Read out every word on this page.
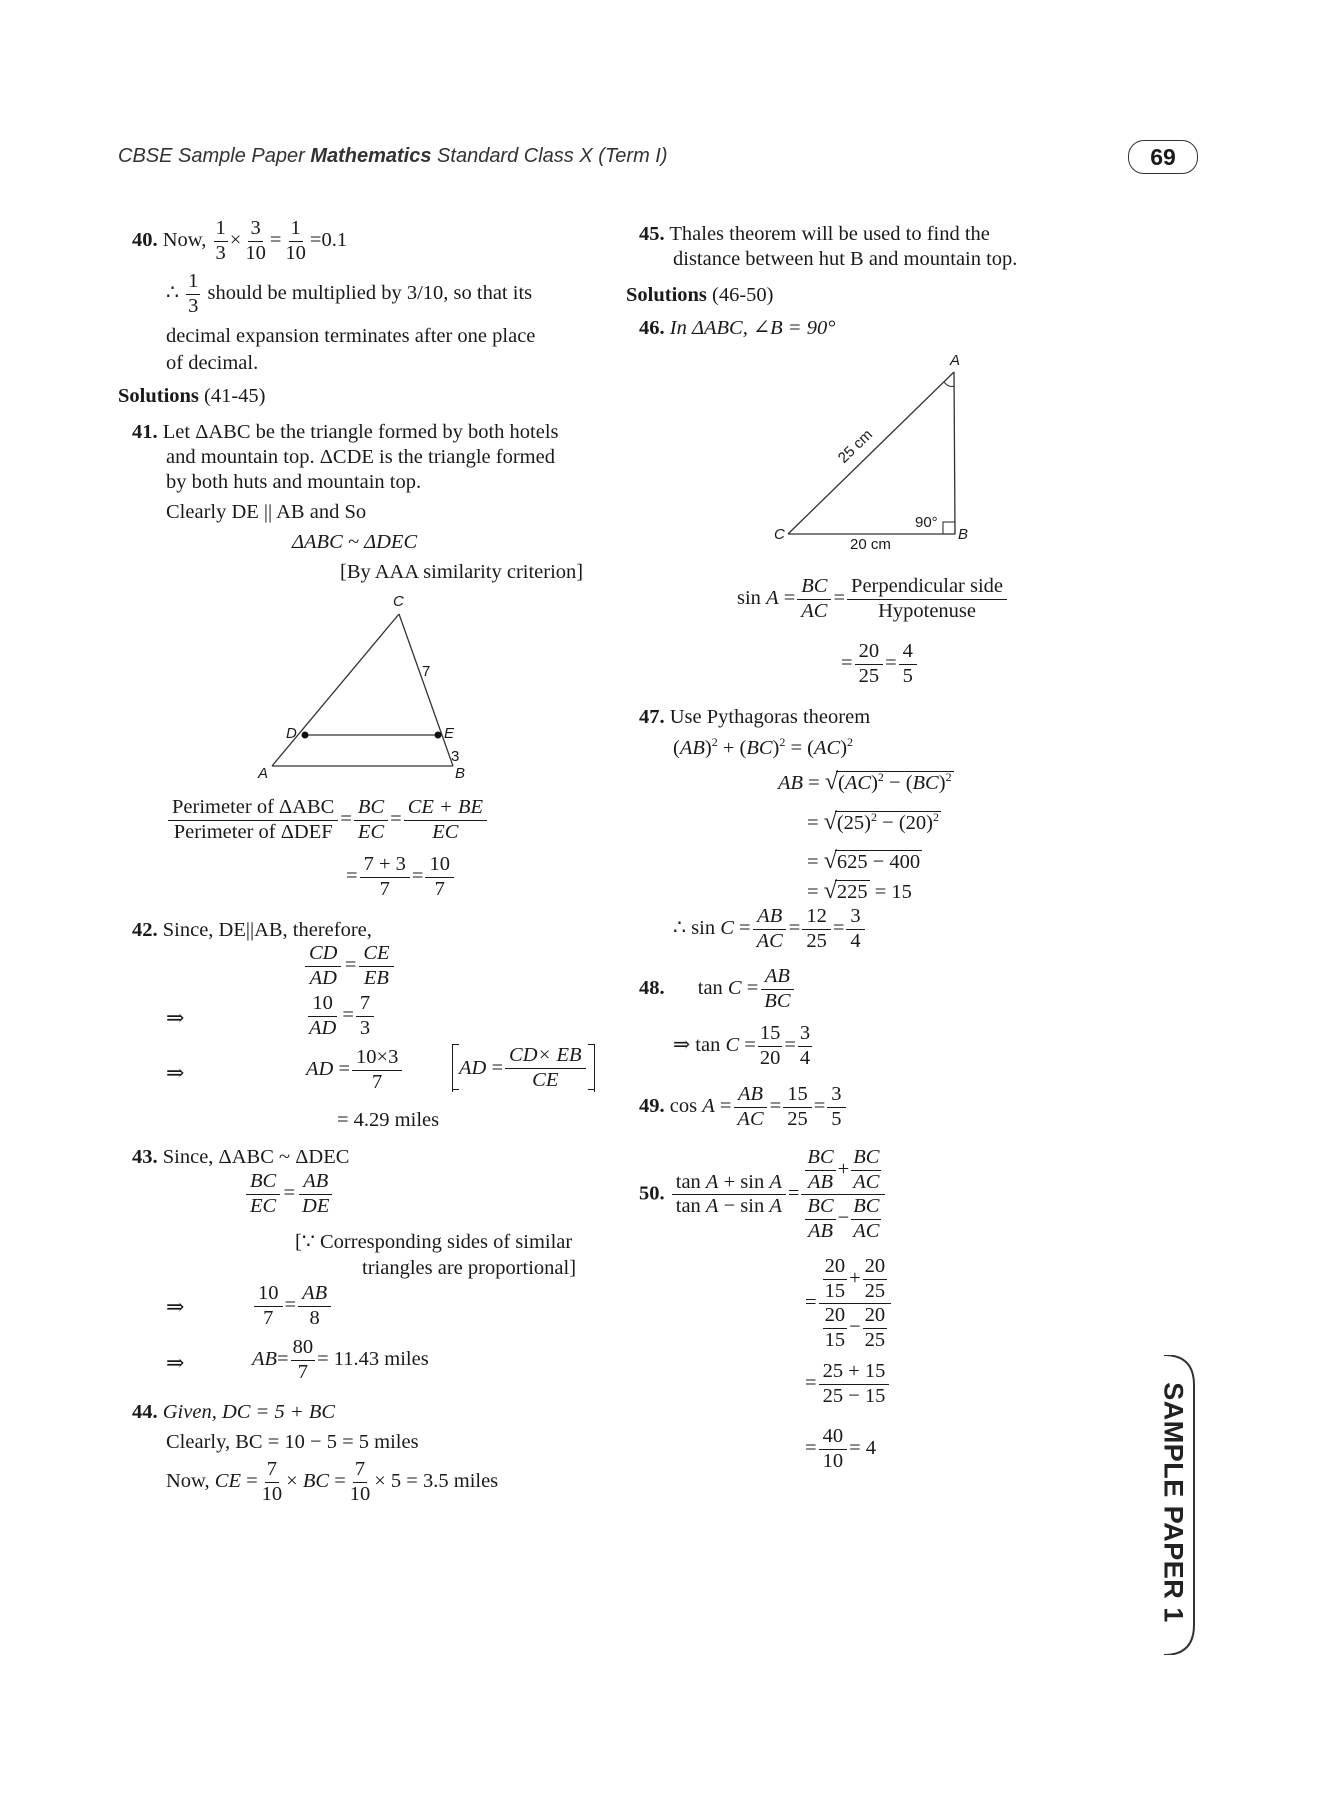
CBSE Sample Paper Mathematics Standard Class X (Term I)	69
SAMPLE PAPER 1
40. Now, $\frac{1}{3} \times \frac{3}{10} = \frac{1}{10} =0.1$
∴ $\frac{1}{3}$ should be multiplied by 3/10, so that its
decimal expansion terminates after one place
of decimal.
Solutions (41-45)
41. Let ΔABC be the triangle formed by both hotels
and mountain top. ΔCDE is the triangle formed
by both huts and mountain top.
Clearly DE || AB and So
ΔABC ~ ΔDEC
[By AAA similarity criterion]
C
D	E
A	B
7
3
Perimeter of ΔABC
Perimeter of ΔDEF
= $\frac{BC}{EC} = \frac{CE + BE}{EC}$
= $\frac{7 + 3}{7} = \frac{10}{7}$
42. Since, DE||AB, therefore,
$\frac{CD}{AD} = \frac{CE}{EB}$
⇒	$\frac{10}{AD} = \frac{7}{3}$
⇒	AD = $\frac{10\times 3}{7}$	AD =
CD× EB
CE
= 4.29 miles
43. Since, ΔABC ~ ΔDEC
$\frac{BC}{EC} = \frac{AB}{DE}$
[∵ Corresponding sides of similar
triangles are proportional]
⇒	$\frac{10}{7} = \frac{AB}{8}$
⇒	$AB= \frac{80}{7} = 11.43$ miles
44. Given, DC = 5 + BC
Clearly, BC = 10 − 5 = 5 miles
Now, CE = $\frac{7}{10}$ × BC = $\frac{7}{10} \times 5 = 3.5$ miles
45. Thales theorem will be used to find the
distance between hut B and mountain top.
Solutions (46-50)
46. In ΔABC, ∠B = 90°
A
C	B
25 cm
20 cm
90°
$\sin A = \frac{BC}{AC}$ =
Perpendicular side
Hypotenuse
= $\frac{20}{25} = \frac{4}{5}$
47. Use Pythagoras theorem
(AB)$^2$ + (BC)$^2$ = (AC)$^2$
AB = √(AC)$^2$ − (BC)$^2$
= $√(25)^2 - (20)^2$
= √625 − 400
= √225 = 15
∴ $\sin C = \frac{AB}{AC} = \frac{12}{25} = \frac{3}{4}$
48. $\tan C = \frac{AB}{BC}$
⇒ $\tan C = \frac{15}{20} = \frac{3}{4}$
49. $\cos A = \frac{AB}{AC} = \frac{15}{25} = \frac{3}{5}$
50. $\frac{\text{tan A + sin A}}{\text{tan A − sin A}} = \frac{BC}{AB} + \frac{BC}{AC}$
$\frac{BC}{AB} - \frac{BC}{AC}$
= $\frac{\frac{20}{15} + \frac{20}{25}}{\frac{20}{15} - \frac{20}{25}}$
= $\frac{25 + 15}{25 - 15}$
= $\frac{40}{10} = 4$
